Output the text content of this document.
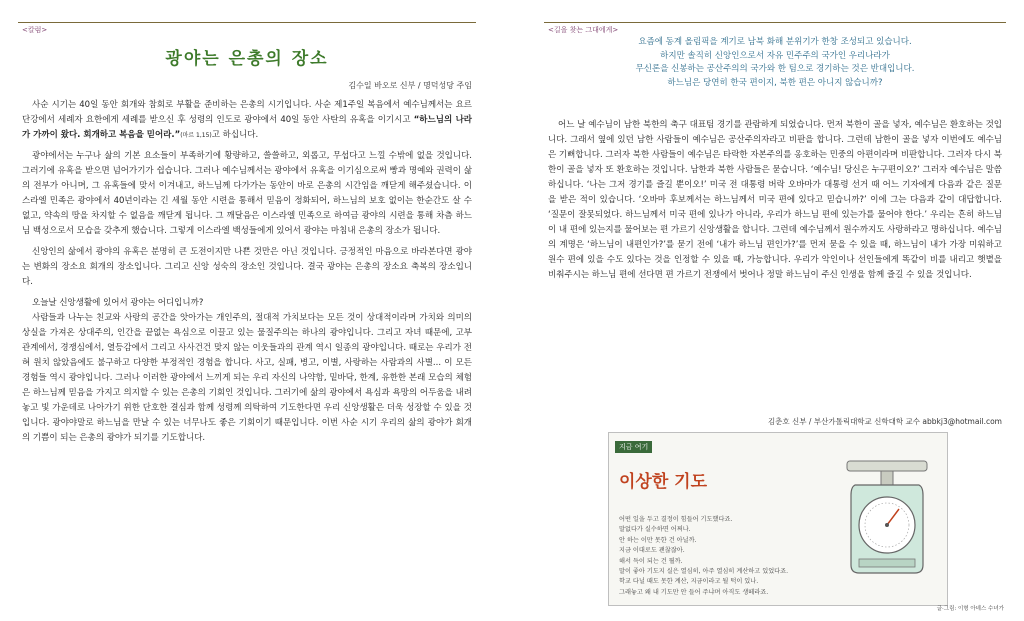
<칼럼>
광야는 은총의 장소
김수일 바오로 신부 / 명덕성당 주임

사순 시기는 40일 동안 회개와 참회로 부활을 준비하는 은총의 시기입니다. 사순 제1주일 복음에서 예수님께서는 요르단강에서 세례자 요한에게 세례를 받으신 후 성령의 인도로 광야에서 40일 동안 사탄의 유혹을 이기시고 “하느님의 나라가 가까이 왔다. 회개하고 복음을 믿어라.”(마르 1,15)고 하십니다.

광야에서는 누구나 삶의 기본 요소들이 부족하기에 황량하고, 쓸쓸하고, 외롭고, 무섭다고 느낄 수밖에 없을 것입니다. 그러기에 유혹을 받으면 넘어가기가 쉽습니다. 그러나 예수님께서는 광야에서 유혹을 이기심으로써 빵과 명예와 권력이 삶의 전부가 아니며, 그 유혹들에 맞서 이겨내고, 하느님께 다가가는 동안이 바로 은총의 시간임을 깨닫게 해주셨습니다. 이스라엘 민족은 광야에서 40년이라는 긴 세월 동안 시련을 통해서 믿음이 정화되어, 하느님의 보호 없이는 한순간도 살 수 없고, 약속의 땅을 차지할 수 없음을 깨닫게 됩니다. 그 깨달음은 이스라엘 민족으로 하여금 광야의 시련을 통해 차츰 하느님 백성으로서 모습을 갖추게 했습니다. 그렇게 이스라엘 백성들에게 있어서 광야는 마침내 은총의 장소가 됩니다.

신앙인의 삶에서 광야의 유혹은 분명히 큰 도전이지만 나쁜 것만은 아닌 것입니다. 긍정적인 마음으로 바라본다면 광야는 변화의 장소요 회개의 장소입니다. 그리고 신앙 성숙의 장소인 것입니다. 결국 광야는 은총의 장소요 축복의 장소입니다.

오늘날 신앙생활에 있어서 광야는 어디입니까?

사람들과 나누는 친교와 사랑의 공간을 앗아가는 개인주의, 절대적 가치보다는 모든 것이 상대적이라며 가치와 의미의 상실을 가져온 상대주의, 인간을 끝없는 욕심으로 이끌고 있는 물질주의는 하나의 광야입니다. 그리고 자녀 때문에, 고부 관계에서, 경쟁심에서, 열등감에서 그리고 사사건건 맞지 않는 이웃들과의 관계 역시 일종의 광야입니다. 때로는 우리가 전혀 원치 않았음에도 불구하고 다양한 부정적인 경험을 합니다. 사고, 실패, 병고, 이별, 사랑하는 사람과의 사별... 이 모든 경험들 역시 광야입니다. 그러나 이러한 광야에서 느끼게 되는 우리 자신의 나약함, 밑바닥, 한계, 유한한 본래 모습의 체험은 하느님께 믿음을 가지고 의지할 수 있는 은총의 기회인 것입니다. 그러기에 삶의 광야에서 욕심과 욕망의 어두움을 내려놓고 빛 가운데로 나아가기 위한 단호한 결심과 함께 성령께 의탁하여 기도한다면 우리 신앙생활은 더욱 성장할 수 있을 것입니다. 광야야말로 하느님을 만날 수 있는 너무나도 좋은 기회이기 때문입니다. 이번 사순 시기 우리의 삶의 광야가 회개의 기쁨이 되는 은총의 광야가 되기를 기도합니다.

<길을 찾는 그대에게>
요즘에 동계 올림픽을 계기로 남북 화해 분위기가 한창 조성되고 있습니다.
하지만 솔직히 신앙인으로서 자유 민주주의 국가인 우리나라가
무신론을 신봉하는 공산주의의 국가와 한 팀으로 경기하는 것은 반대입니다.
하느님은 당연히 한국 편이지, 북한 편은 아니지 않습니까?

어느 날 예수님이 남한 북한의 축구 대표팀 경기를 관람하게 되었습니다. 먼저 북한이 골을 넣자, 예수님은 환호하는 것입니다. 그래서 옆에 있던 남한 사람들이 예수님은 공산주의자라고 비판을 합니다. 그런데 남한이 골을 넣자 이번에도 예수님은 기뻐합니다. 그러자 북한 사람들이 예수님은 타락한 자본주의를 옹호하는 민중의 아편이라며 비판합니다. 그러자 다시 북한이 골을 넣자 또 환호하는 것입니다. 남한과 북한 사람들은 묻습니다. ‘예수님! 당신은 누구편이오?’ 그러자 예수님은 말씀하십니다. ‘나는 그저 경기를 즐길 뿐이오!’ 미국 전 대통령 버락 오바마가 대통령 선거 때 어느 기자에게 다음과 같은 질문을 받은 적이 있습니다. ‘오바마 후보께서는 하느님께서 미국 편에 있다고 믿습니까?’ 이에 그는 다음과 같이 대답합니다. ‘질문이 잘못되었다. 하느님께서 미국 편에 있나가 아니라, 우리가 하느님 편에 있는가를 물어야 한다.’ 우리는 흔히 하느님이 내 편에 있는지를 물어보는 편 가르기 신앙생활을 합니다. 그런데 예수님께서 원수까지도 사랑하라고 명하십니다. 예수님의 계명은 ‘하느님이 내편인가?’를 묻기 전에 ‘내가 하느님 편인가?’를 먼저 묻을 수 있을 때, 하느님이 내가 가장 미워하고 원수 편에 있을 수도 있다는 것을 인정할 수 있을 때, 가능합니다. 우리가 악인이나 선인들에게 똑같이 비를 내리고 햇볕을 비춰주시는 하느님 편에 선다면 편 가르기 전쟁에서 벗어나 정말 하느님이 주신 인생을 함께 즐길 수 있을 것입니다.

김춘호 신부 / 부산가톨릭대학교 신학대학 교수 abbkj3@hotmail.com
지금 여기
이상한 기도
어떤 일을 두고 결정이 힘들어 기도했다죠.
말없다가 실수하면 어쩌나.
안 하는 이만 못한 건 아닐까.
지금 이대로도 괜찮잖아.
해서 득이 되는 건 뭘까.
말이 좋아 기도지 실은 열심히, 아주 열심히 계산하고 있었다죠.
학교 다닐 때도 못한 계산, 지금이라고 될 턱이 있나.
그래놓고 왜 내 기도만 안 들어 주냐며 아직도 생떼라죠.
글·그림: 이형 아녜스 수녀가
